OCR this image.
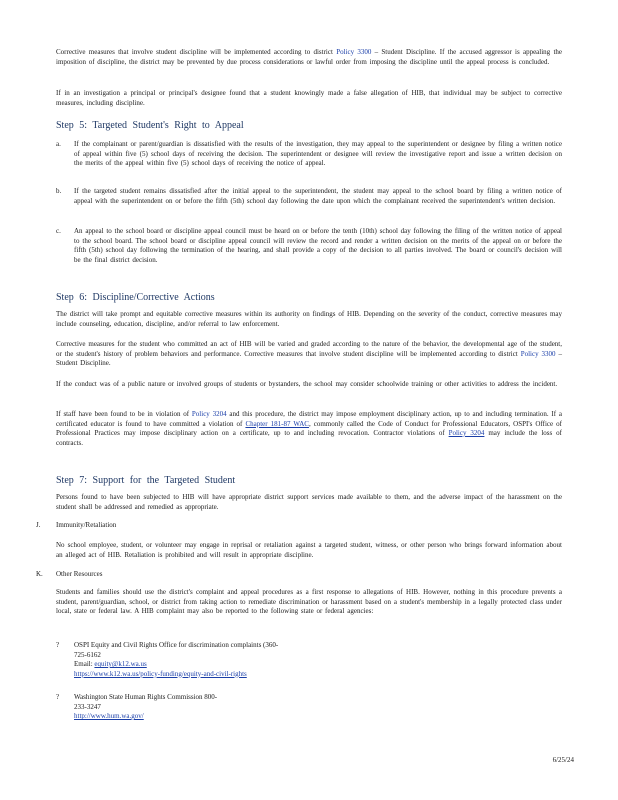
Corrective measures that involve student discipline will be implemented according to district Policy 3300 – Student Discipline. If the accused aggressor is appealing the imposition of discipline, the district may be prevented by due process considerations or lawful order from imposing the discipline until the appeal process is concluded.
If in an investigation a principal or principal's designee found that a student knowingly made a false allegation of HIB, that individual may be subject to corrective measures, including discipline.
Step 5: Targeted Student's Right to Appeal
a. If the complainant or parent/guardian is dissatisfied with the results of the investigation, they may appeal to the superintendent or designee by filing a written notice of appeal within five (5) school days of receiving the decision. The superintendent or designee will review the investigative report and issue a written decision on the merits of the appeal within five (5) school days of receiving the notice of appeal.
b. If the targeted student remains dissatisfied after the initial appeal to the superintendent, the student may appeal to the school board by filing a written notice of appeal with the superintendent on or before the fifth (5th) school day following the date upon which the complainant received the superintendent's written decision.
c. An appeal to the school board or discipline appeal council must be heard on or before the tenth (10th) school day following the filing of the written notice of appeal to the school board. The school board or discipline appeal council will review the record and render a written decision on the merits of the appeal on or before the fifth (5th) school day following the termination of the hearing, and shall provide a copy of the decision to all parties involved. The board or council's decision will be the final district decision.
Step 6: Discipline/Corrective Actions
The district will take prompt and equitable corrective measures within its authority on findings of HIB. Depending on the severity of the conduct, corrective measures may include counseling, education, discipline, and/or referral to law enforcement.
Corrective measures for the student who committed an act of HIB will be varied and graded according to the nature of the behavior, the developmental age of the student, or the student's history of problem behaviors and performance. Corrective measures that involve student discipline will be implemented according to district Policy 3300 – Student Discipline.
If the conduct was of a public nature or involved groups of students or bystanders, the school may consider schoolwide training or other activities to address the incident.
If staff have been found to be in violation of Policy 3204 and this procedure, the district may impose employment disciplinary action, up to and including termination. If a certificated educator is found to have committed a violation of Chapter 181-87 WAC, commonly called the Code of Conduct for Professional Educators, OSPI's Office of Professional Practices may impose disciplinary action on a certificate, up to and including revocation. Contractor violations of Policy 3204 may include the loss of contracts.
Step 7: Support for the Targeted Student
Persons found to have been subjected to HIB will have appropriate district support services made available to them, and the adverse impact of the harassment on the student shall be addressed and remedied as appropriate.
J. Immunity/Retaliation
No school employee, student, or volunteer may engage in reprisal or retaliation against a targeted student, witness, or other person who brings forward information about an alleged act of HIB. Retaliation is prohibited and will result in appropriate discipline.
K. Other Resources
Students and families should use the district's complaint and appeal procedures as a first response to allegations of HIB. However, nothing in this procedure prevents a student, parent/guardian, school, or district from taking action to remediate discrimination or harassment based on a student's membership in a legally protected class under local, state or federal law. A HIB complaint may also be reported to the following state or federal agencies:
? OSPI Equity and Civil Rights Office for discrimination complaints (360-
725-6162
Email: equity@k12.wa.us
https://www.k12.wa.us/policy-funding/equity-and-civil-rights
? Washington State Human Rights Commission 800-
233-3247
http://www.hum.wa.gov/
6/25/24
